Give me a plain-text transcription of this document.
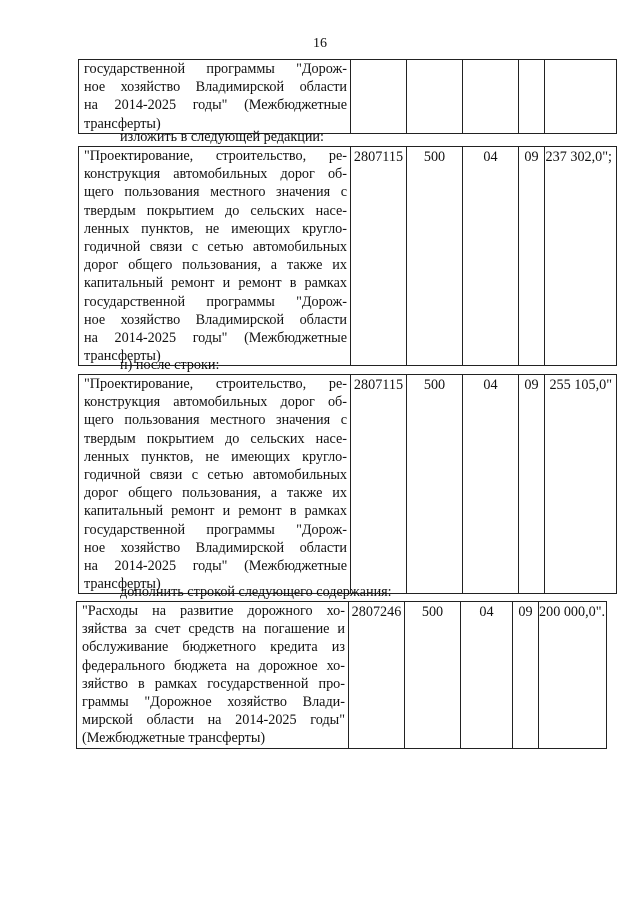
16
государственной программы "Дорож-
ное хозяйство Владимирской области
на 2014-2025 годы" (Межбюджетные
трансферты)

изложить в следующей редакции:
"Проектирование, строительство, ре-
конструкция автомобильных дорог об-
щего пользования местного значения с
твердым покрытием до сельских насе-
ленных пунктов, не имеющих кругло-
годичной связи с сетью автомобильных
дорог общего пользования, а также их
капитальный ремонт и ремонт в рамках
государственной программы "Дорож-
ное хозяйство Владимирской области
на 2014-2025 годы" (Межбюджетные
трансферты)
	2807115	500	04	09	237 302,0";
н) после строки:
"Проектирование, строительство, ре-
конструкция автомобильных дорог об-
щего пользования местного значения с
твердым покрытием до сельских насе-
ленных пунктов, не имеющих кругло-
годичной связи с сетью автомобильных
дорог общего пользования, а также их
капитальный ремонт и ремонт в рамках
государственной программы "Дорож-
ное хозяйство Владимирской области
на 2014-2025 годы" (Межбюджетные
трансферты)
	2807115	500	04	09	255 105,0"
дополнить строкой следующего содержания:
"Расходы на развитие дорожного хо-
зяйства за счет средств на погашение и
обслуживание бюджетного кредита из
федерального бюджета на дорожное хо-
зяйство в рамках государственной про-
граммы "Дорожное хозяйство Влади-
мирской области на 2014-2025 годы"
(Межбюджетные трансферты)
	2807246	500	04	09	200 000,0".
